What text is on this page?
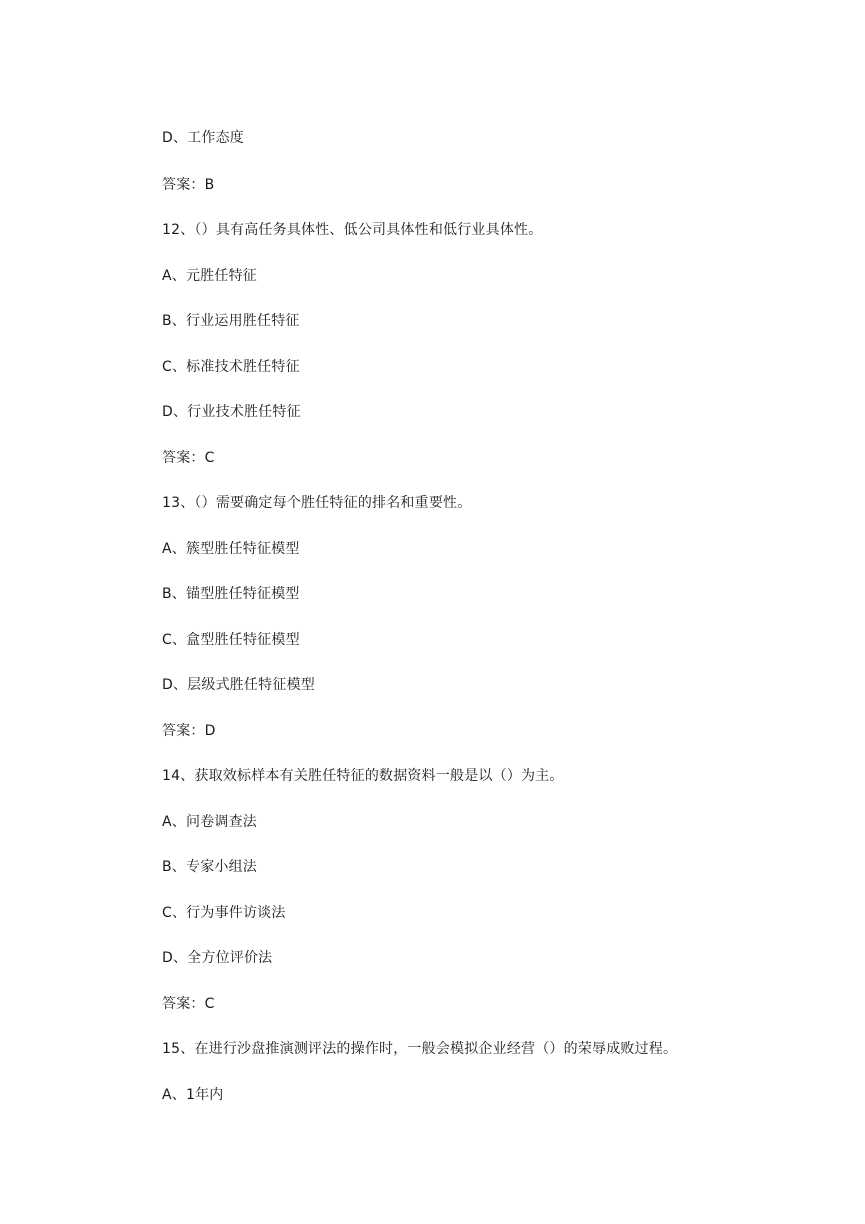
D、工作态度
答案：B
12、（）具有高任务具体性、低公司具体性和低行业具体性。
A、元胜任特征
B、行业运用胜任特征
C、标准技术胜任特征
D、行业技术胜任特征
答案：C
13、（）需要确定每个胜任特征的排名和重要性。
A、簇型胜任特征模型
B、锚型胜任特征模型
C、盒型胜任特征模型
D、层级式胜任特征模型
答案：D
14、获取效标样本有关胜任特征的数据资料一般是以（）为主。
A、问卷调查法
B、专家小组法
C、行为事件访谈法
D、全方位评价法
答案：C
15、在进行沙盘推演测评法的操作时，一般会模拟企业经营（）的荣辱成败过程。
A、1年内
